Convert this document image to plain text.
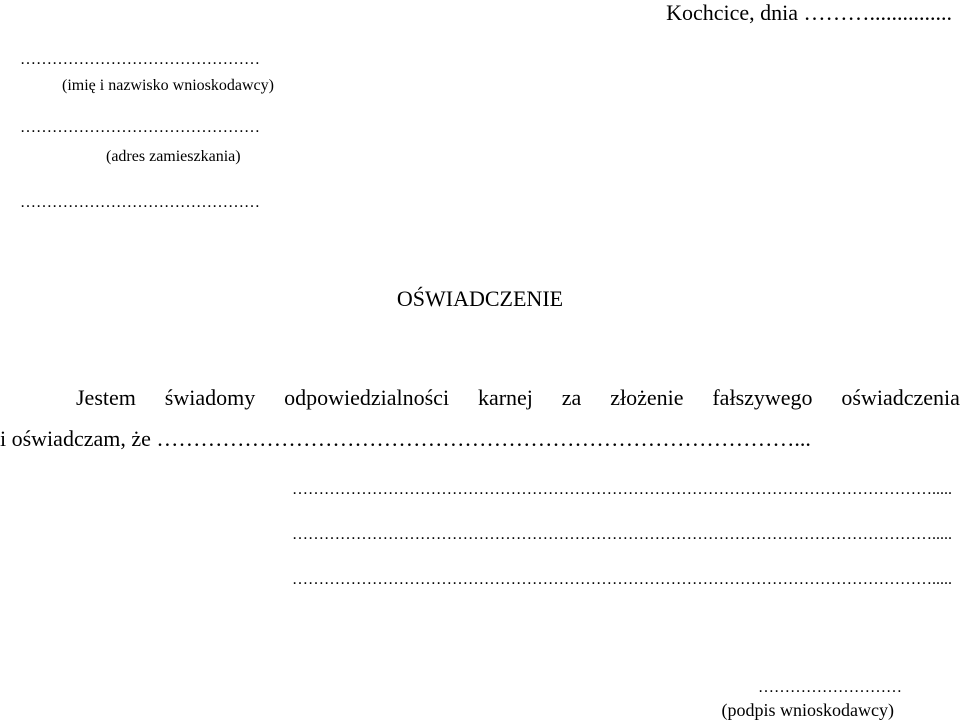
Kochcice, dnia ………...............
………………………………………
(imię i nazwisko wnioskodawcy)
………………………………………
(adres zamieszkania)
………………………………………
OŚWIADCZENIE
Jestem świadomy odpowiedzialności karnej za złożenie fałszywego oświadczenia
i oświadczam, że ……………………………………………………………………………...
………………………………………………………………………………………………………….....
………………………………………………………………………………………………………….....
………………………………………………………………………………………………………….....
………………………
(podpis wnioskodawcy)
